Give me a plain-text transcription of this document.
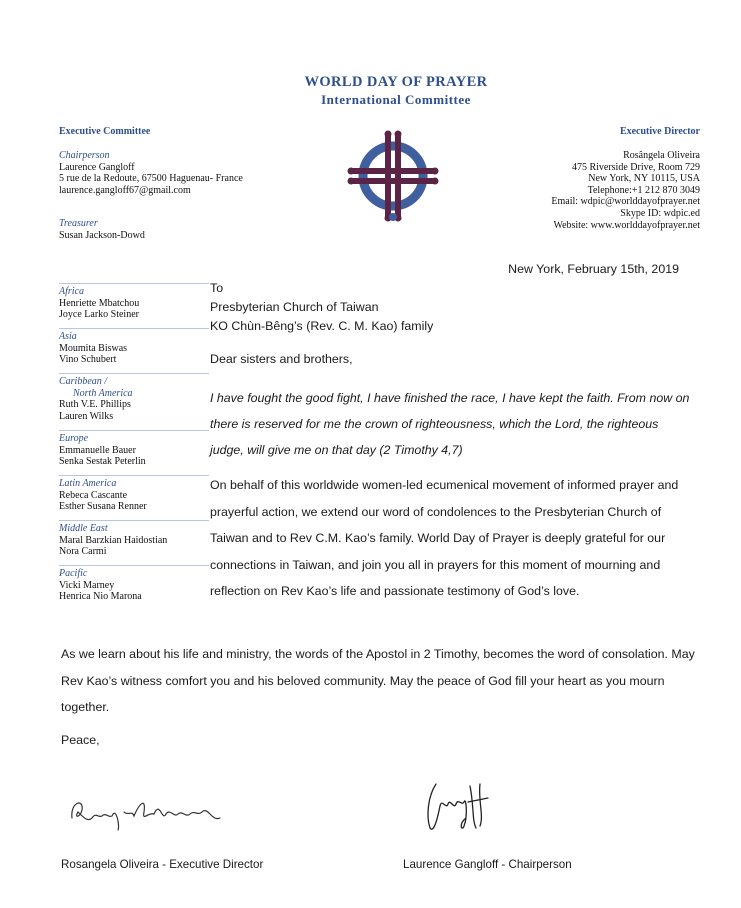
WORLD DAY OF PRAYER
International Committee
Executive Committee
Chairperson
Laurence Gangloff
5 rue de la Redoute, 67500 Haguenau- France
laurence.gangloff67@gmail.com
Treasurer
Susan Jackson-Dowd
Executive Director
Rosângela Oliveira
475 Riverside Drive, Room 729
New York, NY 10115, USA
Telephone:+1 212 870 3049
Email: wdpic@worlddayofprayer.net
Skype ID: wdpic.ed
Website: www.worlddayofprayer.net
Africa
Henriette Mbatchou
Joyce Larko Steiner
Asia
Moumita Biswas
Vino Schubert
Caribbean /
North America
Ruth V.E. Phillips
Lauren Wilks
Europe
Emmanuelle Bauer
Senka Sestak Peterlin
Latin America
Rebeca Cascante
Esther Susana Renner
Middle East
Maral Barzkian Haidostian
Nora Carmi
Pacific
Vicki Marney
Henrica Nio Marona
New York, February 15th, 2019
To
Presbyterian Church of Taiwan
KO Chùn-Bêng’s (Rev. C. M. Kao) family
Dear sisters and brothers,
I have fought the good fight, I have finished the race, I have kept the faith. From now on there is reserved for me the crown of righteousness, which the Lord, the righteous judge, will give me on that day (2 Timothy 4,7)
On behalf of this worldwide women-led ecumenical movement of informed prayer and prayerful action, we extend our word of condolences to the Presbyterian Church of Taiwan and to Rev C.M. Kao’s family. World Day of Prayer is deeply grateful for our connections in Taiwan, and join you all in prayers for this moment of mourning and reflection on Rev Kao’s life and passionate testimony of God’s love.
As we learn about his life and ministry, the words of the Apostol in 2 Timothy, becomes the word of consolation. May Rev Kao’s witness comfort you and his beloved community. May the peace of God fill your heart as you mourn together.
Peace,
Rosangela Oliveira - Executive Director	Laurence Gangloff - Chairperson
